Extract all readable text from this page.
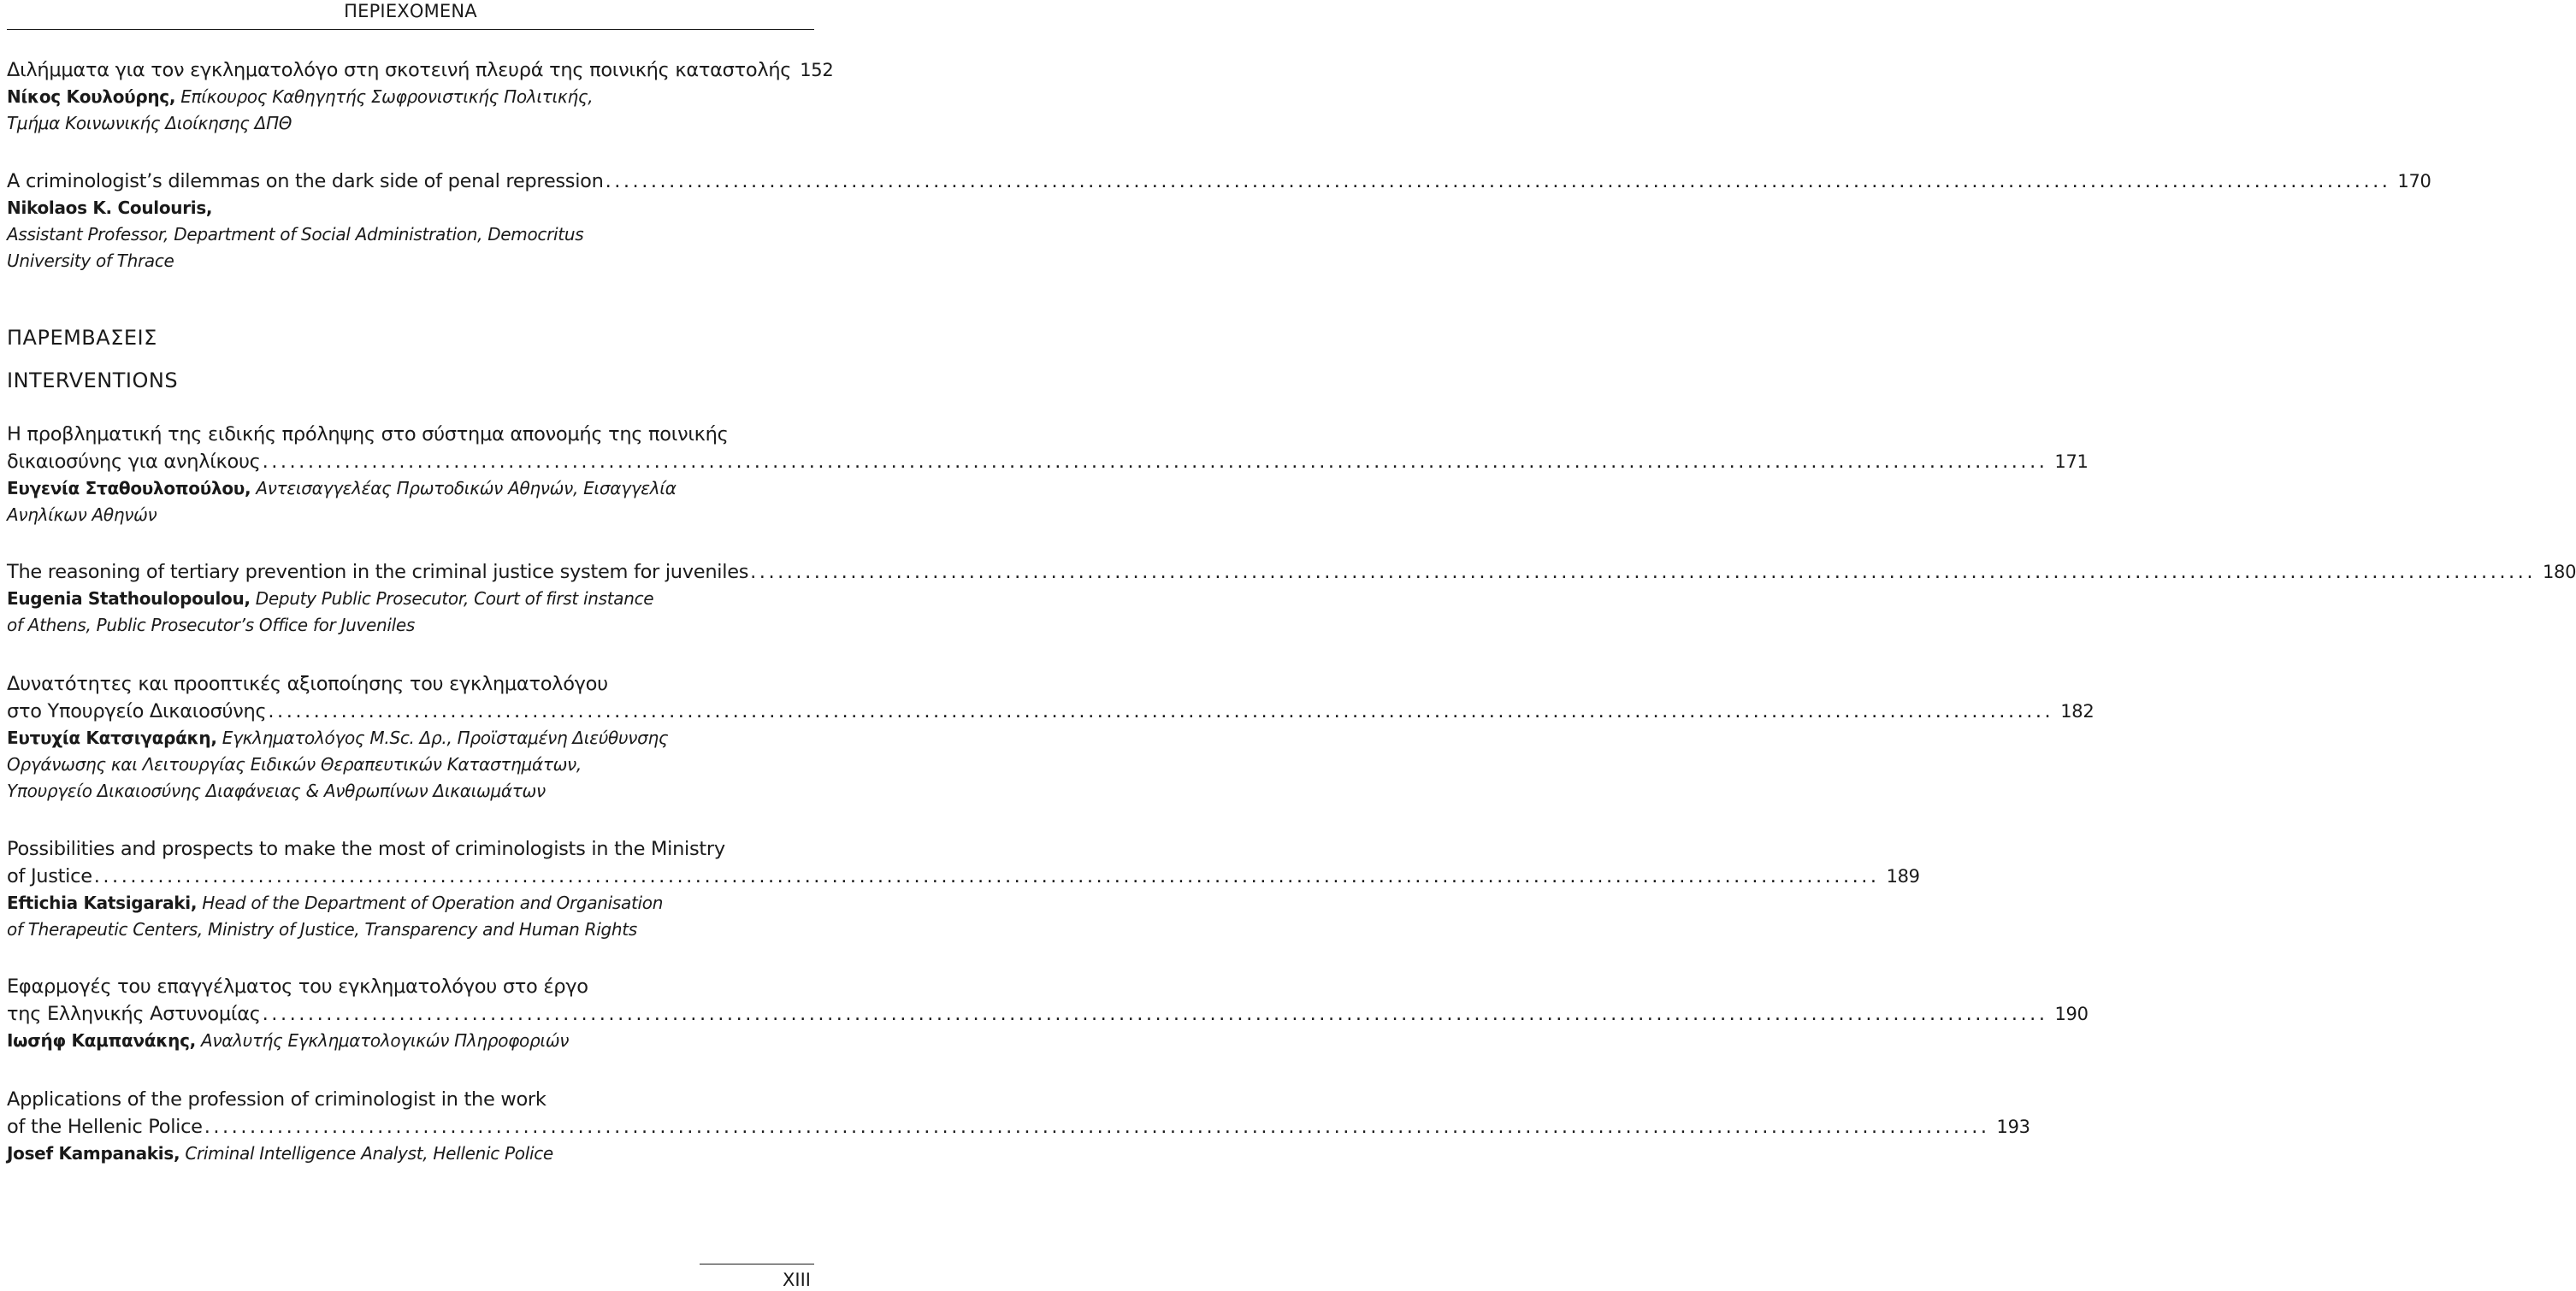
ΠΕΡΙΕΧΟΜΕΝΑ
Διλήμματα για τον εγκληματολόγο στη σκοτεινή πλευρά της ποινικής καταστολής 152
Νίκος Κουλούρης, Επίκουρος Καθηγητής Σωφρονιστικής Πολιτικής,
Τμήμα Κοινωνικής Διοίκησης ΔΠΘ
A criminologist’s dilemmas on the dark side of penal repression .....	170
Nikolaos K. Coulouris,
Assistant Professor, Department of Social Administration, Democritus
University of Thrace
ΠΑΡΕΜΒΑΣΕΙΣ
INTERVENTIONS
Η προβληματική της ειδικής πρόληψης στο σύστημα απονομής της ποινικής
δικαιοσύνης για ανηλίκους .....	171
Ευγενία Σταθουλοπούλου, Αντεισαγγελέας Πρωτοδικών Αθηνών, Εισαγγελία
Ανηλίκων Αθηνών
The reasoning of tertiary prevention in the criminal justice system for juveniles .....	180
Eugenia Stathoulopoulou, Deputy Public Prosecutor, Court of first instance
of Athens, Public Prosecutor’s Office for Juveniles
Δυνατότητες και προοπτικές αξιοποίησης του εγκληματολόγου
στο Υπουργείο Δικαιοσύνης .....	182
Ευτυχία Κατσιγαράκη, Εγκληματολόγος M.Sc. Δρ., Προϊσταμένη Διεύθυνσης
Οργάνωσης και Λειτουργίας Ειδικών Θεραπευτικών Καταστημάτων,
Υπουργείο Δικαιοσύνης Διαφάνειας & Ανθρωπίνων Δικαιωμάτων
Possibilities and prospects to make the most of criminologists in the Ministry
of Justice .....	189
Eftichia Katsigaraki, Head of the Department of Operation and Organisation
of Therapeutic Centers, Ministry of Justice, Transparency and Human Rights
Εφαρμογές του επαγγέλματος του εγκληματολόγου στο έργο
της Ελληνικής Αστυνομίας .....	190
Ιωσήφ Καμπανάκης, Αναλυτής Εγκληματολογικών Πληροφοριών
Applications of the profession of criminologist in the work
of the Hellenic Police .....	193
Josef Kampanakis, Criminal Intelligence Analyst, Hellenic Police
XIII
